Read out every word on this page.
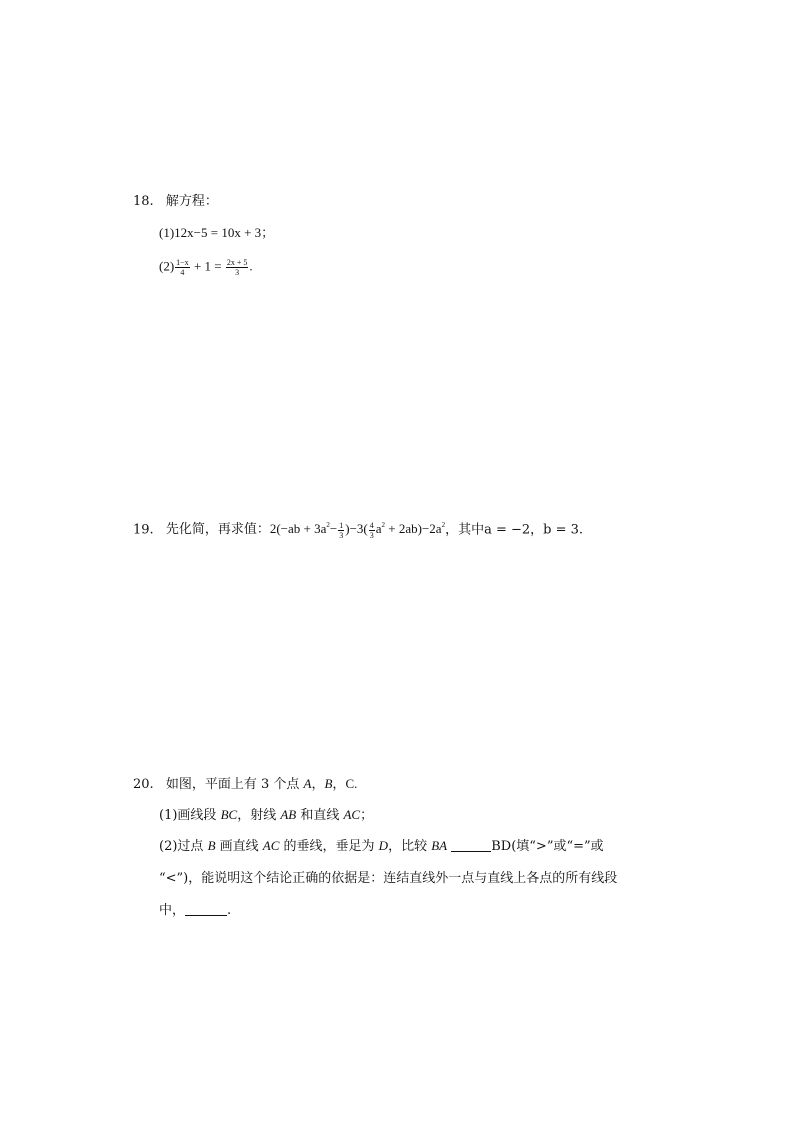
18. 解方程：
(1)12x−5 = 10x + 3；
$(2) \frac{1-x}{4} + 1 = \frac{2x + 5}{3}$ .
19. 先化简，再求值：$2(-ab + 3a^2- \frac{1}{3} )-3( \frac{4}{3} a^2 + 2ab)-2a^2$，其中a = −2，b = 3.
20. 如图，平面上有 3 个点 A，B，C.
(1)画线段 BC，射线 AB 和直线 AC；
(2)过点 B 画直线 AC 的垂线，垂足为 D，比较 BA	BD(填“>”或“=”或
“<”)，能说明这个结论正确的依据是：连结直线外一点与直线上各点的所有线段
中，	.
